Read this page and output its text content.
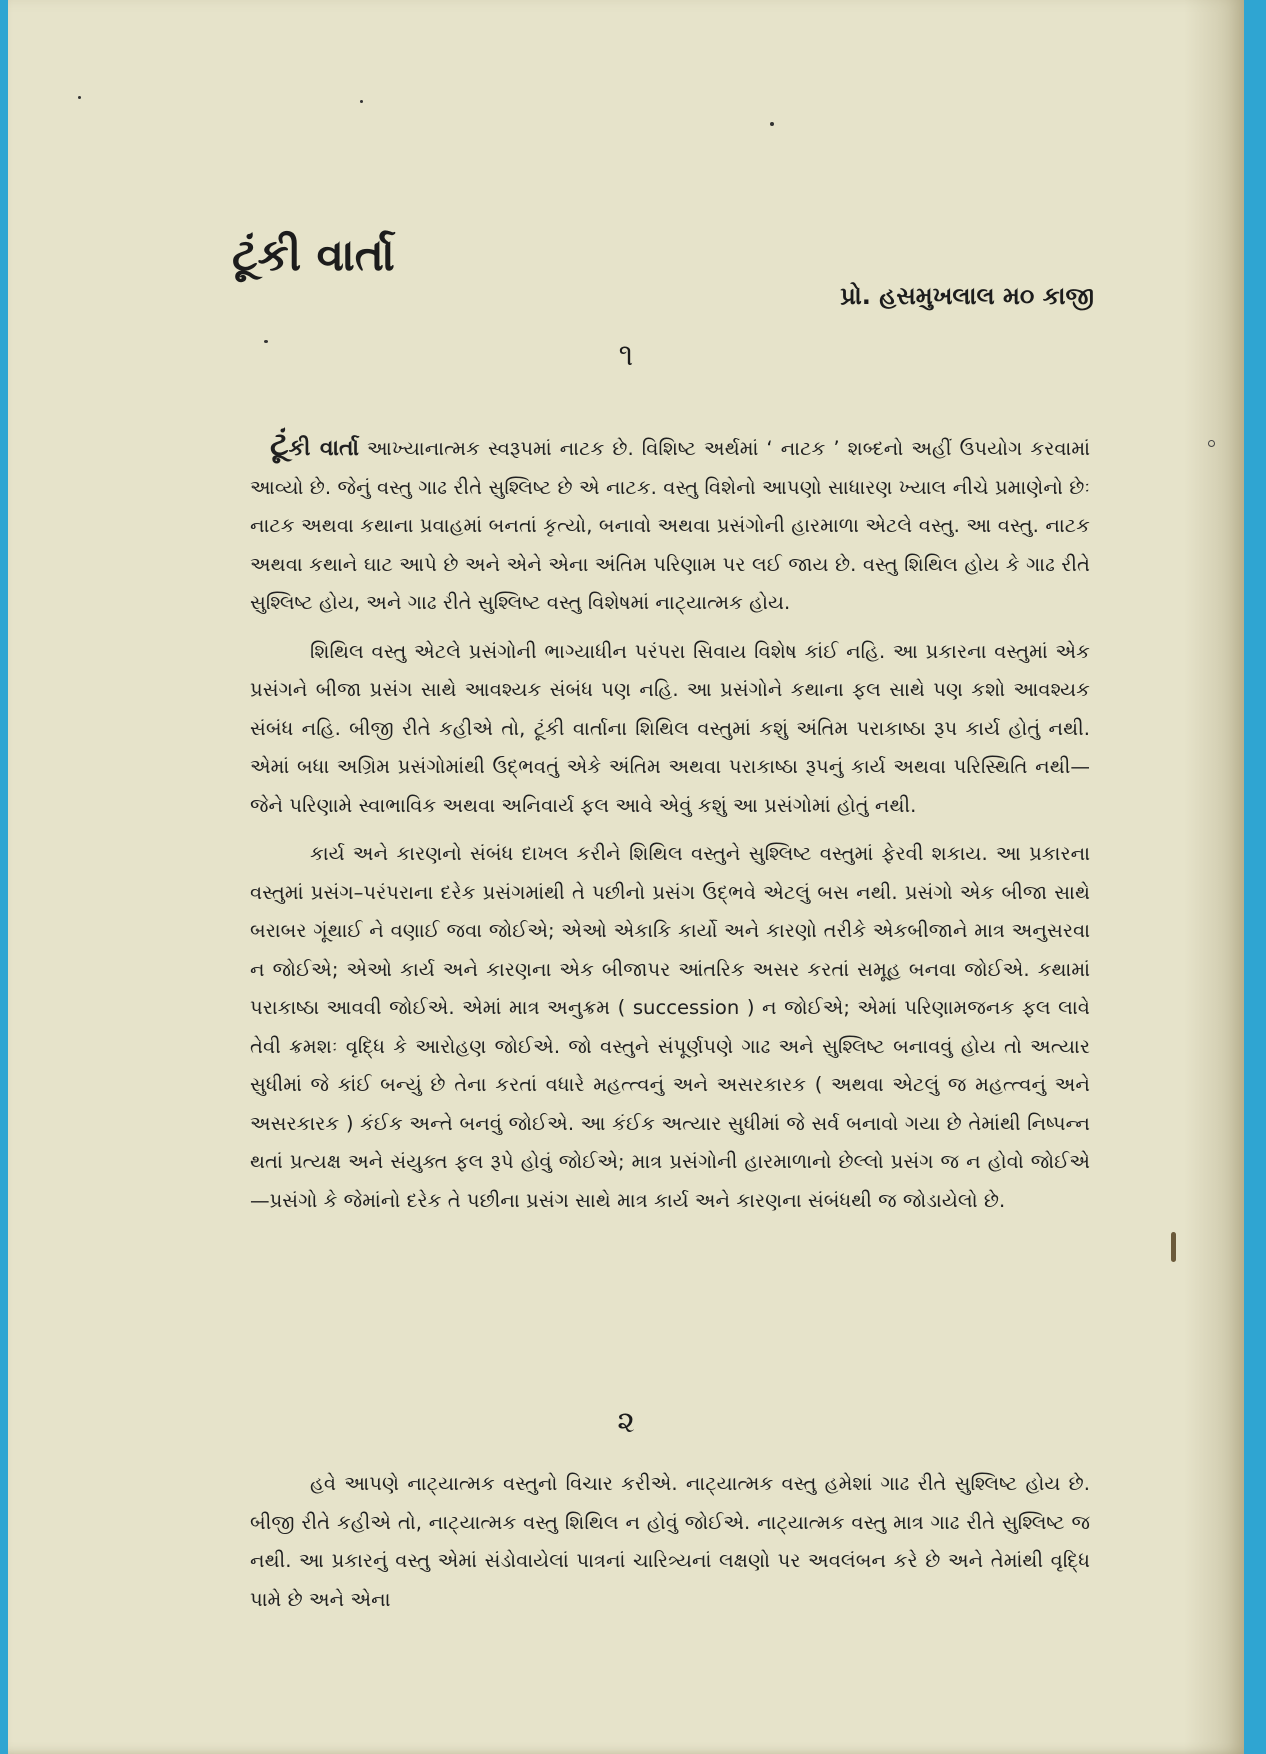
ટૂંકી વાર્તા

પ્રો. હસમુખલાલ મ૦ કાજી

૧

ટૂંકી વાર્તા આખ્યાનાત્મક સ્વરૂપમાં નાટક છે. વિશિષ્ટ અર્થમાં ‘ નાટક ’ શબ્દનો અહીં ઉપયોગ કરવામાં આવ્યો છે. જેનું વસ્તુ ગાઢ રીતે સુશ્લિષ્ટ છે એ નાટક. વસ્તુ વિશેનો આપણો સાધારણ ખ્યાલ નીચે પ્રમાણેનો છેઃ નાટક અથવા કથાના પ્રવાહમાં બનતાં કૃત્યો, બનાવો અથવા પ્રસંગોની હારમાળા એટલે વસ્તુ. આ વસ્તુ. નાટક અથવા કથાને ઘાટ આપે છે અને એને એના અંતિમ પરિણામ પર લઈ જાય છે. વસ્તુ શિથિલ હોય કે ગાઢ રીતે સુશ્લિષ્ટ હોય, અને ગાઢ રીતે સુશ્લિષ્ટ વસ્તુ વિશેષમાં નાટ્યાત્મક હોય.

શિથિલ વસ્તુ એટલે પ્રસંગોની ભાગ્યાધીન પરંપરા સિવાય વિશેષ કાંઈ નહિ. આ પ્રકારના વસ્તુમાં એક પ્રસંગને બીજા પ્રસંગ સાથે આવશ્યક સંબંધ પણ નહિ. આ પ્રસંગોને કથાના ફલ સાથે પણ કશો આવશ્યક સંબંધ નહિ. બીજી રીતે કહીએ તો, ટૂંકી વાર્તાના શિથિલ વસ્તુમાં કશું અંતિમ પરાકાષ્ઠા રૂપ કાર્ય હોતું નથી. એમાં બધા અગ્રિમ પ્રસંગોમાંથી ઉદ્ભવતું એકે અંતિમ અથવા પરાકાષ્ઠા રૂપનું કાર્ય અથવા પરિસ્થિતિ નથી— જેને પરિણામે સ્વાભાવિક અથવા અનિવાર્ય ફલ આવે એવું કશું આ પ્રસંગોમાં હોતું નથી.

કાર્ય અને કારણનો સંબંધ દાખલ કરીને શિથિલ વસ્તુને સુશ્લિષ્ટ વસ્તુમાં ફેરવી શકાય. આ પ્રકારના વસ્તુમાં પ્રસંગ–પરંપરાના દરેક પ્રસંગમાંથી તે પછીનો પ્રસંગ ઉદ્ભવે એટલું બસ નથી. પ્રસંગો એક બીજા સાથે બરાબર ગૂંથાઈ ને વણાઈ જવા જોઈએ; એઓ એકાકિ કાર્યો અને કારણો તરીકે એકબીજાને માત્ર અનુસરવા ન જોઈએ; એઓ કાર્ય અને કારણના એક બીજાપર આંતરિક અસર કરતાં સમૂહ બનવા જોઈએ. કથામાં પરાકાષ્ઠા આવવી જોઈએ. એમાં માત્ર અનુક્રમ ( succession ) ન જોઈએ; એમાં પરિણામજનક ફલ લાવે તેવી ક્રમશઃ વૃદ્ધિ કે આરોહણ જોઈએ. જો વસ્તુને સંપૂર્ણપણે ગાઢ અને સુશ્લિષ્ટ બનાવવું હોય તો અત્યાર સુધીમાં જે કાંઈ બન્યું છે તેના કરતાં વધારે મહત્ત્વનું અને અસરકારક ( અથવા એટલું જ મહત્ત્વનું અને અસરકારક ) કંઈક અન્તે બનવું જોઈએ. આ કંઈક અત્યાર સુધીમાં જે સર્વ બનાવો ગયા છે તેમાંથી નિષ્પન્ન થતાં પ્રત્યક્ષ અને સંયુક્ત ફલ રૂપે હોવું જોઈએ; માત્ર પ્રસંગોની હારમાળાનો છેલ્લો પ્રસંગ જ ન હોવો જોઈએ—પ્રસંગો કે જેમાંનો દરેક તે પછીના પ્રસંગ સાથે માત્ર કાર્ય અને કારણના સંબંધથી જ જોડાયેલો છે.

૨

હવે આપણે નાટ્યાત્મક વસ્તુનો વિચાર કરીએ. નાટ્યાત્મક વસ્તુ હમેશાં ગાઢ રીતે સુશ્લિષ્ટ હોય છે. બીજી રીતે કહીએ તો, નાટ્યાત્મક વસ્તુ શિથિલ ન હોવું જોઈએ. નાટ્યાત્મક વસ્તુ માત્ર ગાઢ રીતે સુશ્લિષ્ટ જ નથી. આ પ્રકારનું વસ્તુ એમાં સંડોવાયેલાં પાત્રનાં ચારિત્ર્યનાં લક્ષણો પર અવલંબન કરે છે અને તેમાંથી વૃદ્ધિ પામે છે અને એના
